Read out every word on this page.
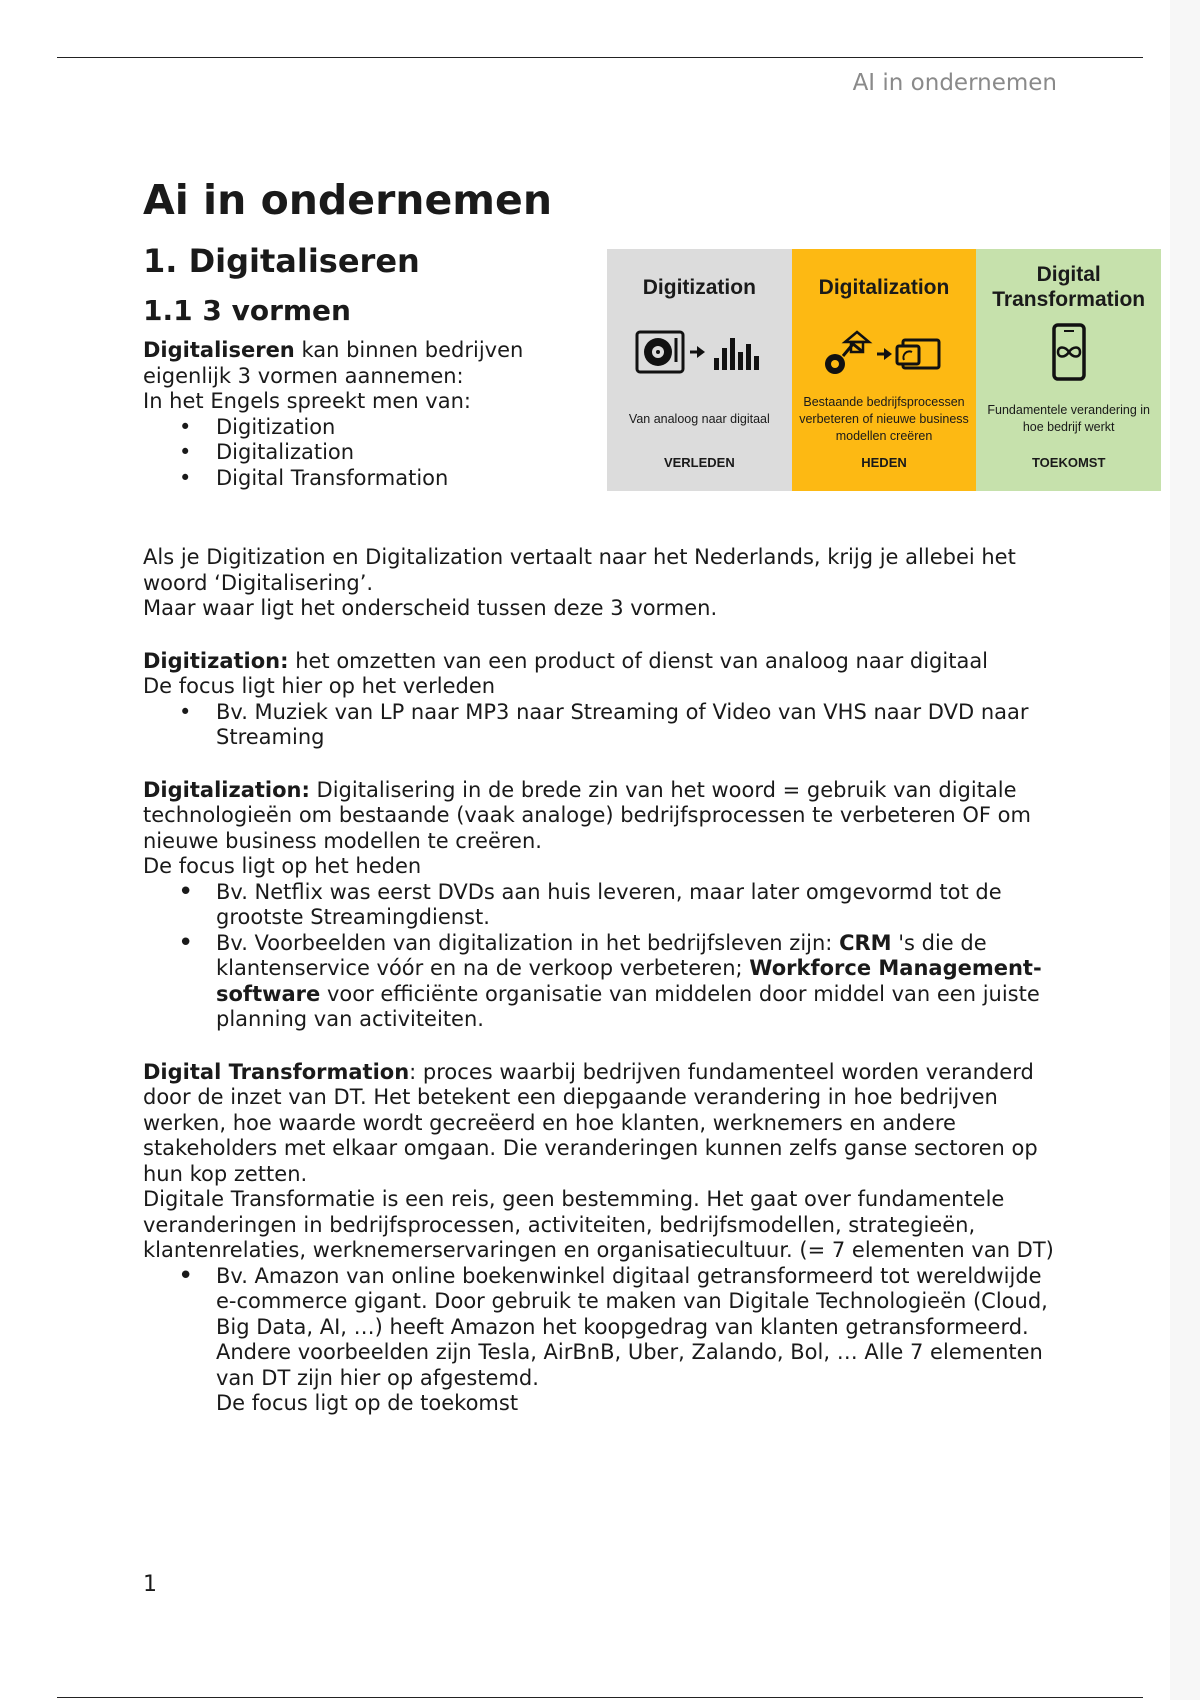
AI in ondernemen
Ai in ondernemen
1. Digitaliseren
1.1 3 vormen

Digitaliseren kan binnen bedrijven eigenlijk 3 vormen aannemen:

In het Engels spreekt men van:

• Digitization
• Digitalization
• Digital Transformation
Digitization
Van analoog naar digitaal
VERLEDEN
Digitalization
Bestaande bedrijfsprocessen verbeteren of nieuwe business modellen creëren
HEDEN
Digital Transformation
Fundamentele verandering in hoe bedrijf werkt
TOEKOMST

Als je Digitization en Digitalization vertaalt naar het Nederlands, krijg je allebei het woord ‘Digitalisering’.

Maar waar ligt het onderscheid tussen deze 3 vormen.

Digitization: het omzetten van een product of dienst van analoog naar digitaal

De focus ligt hier op het verleden

• Bv. Muziek van LP naar MP3 naar Streaming of Video van VHS naar DVD naar Streaming

Digitalization: Digitalisering in de brede zin van het woord = gebruik van digitale technologieën om bestaande (vaak analoge) bedrijfsprocessen te verbeteren OF om nieuwe business modellen te creëren.

De focus ligt op het heden

• Bv. Netflix was eerst DVDs aan huis leveren, maar later omgevormd tot de grootste Streamingdienst.
• Bv. Voorbeelden van digitalization in het bedrijfsleven zijn: CRM 's die de klantenservice vóór en na de verkoop verbeteren; Workforce Management-software voor efficiënte organisatie van middelen door middel van een juiste planning van activiteiten.

Digital Transformation: proces waarbij bedrijven fundamenteel worden veranderd door de inzet van DT. Het betekent een diepgaande verandering in hoe bedrijven werken, hoe waarde wordt gecreëerd en hoe klanten, werknemers en andere stakeholders met elkaar omgaan. Die veranderingen kunnen zelfs ganse sectoren op hun kop zetten.

Digitale Transformatie is een reis, geen bestemming. Het gaat over fundamentele veranderingen in bedrijfsprocessen, activiteiten, bedrijfsmodellen, strategieën, klantenrelaties, werknemerservaringen en organisatiecultuur. (= 7 elementen van DT)

• Bv. Amazon van online boekenwinkel digitaal getransformeerd tot wereldwijde e-commerce gigant. Door gebruik te maken van Digitale Technologieën (Cloud, Big Data, AI, …) heeft Amazon het koopgedrag van klanten getransformeerd. Andere voorbeelden zijn Tesla, AirBnB, Uber, Zalando, Bol, … Alle 7 elementen van DT zijn hier op afgestemd.
De focus ligt op de toekomst
1
